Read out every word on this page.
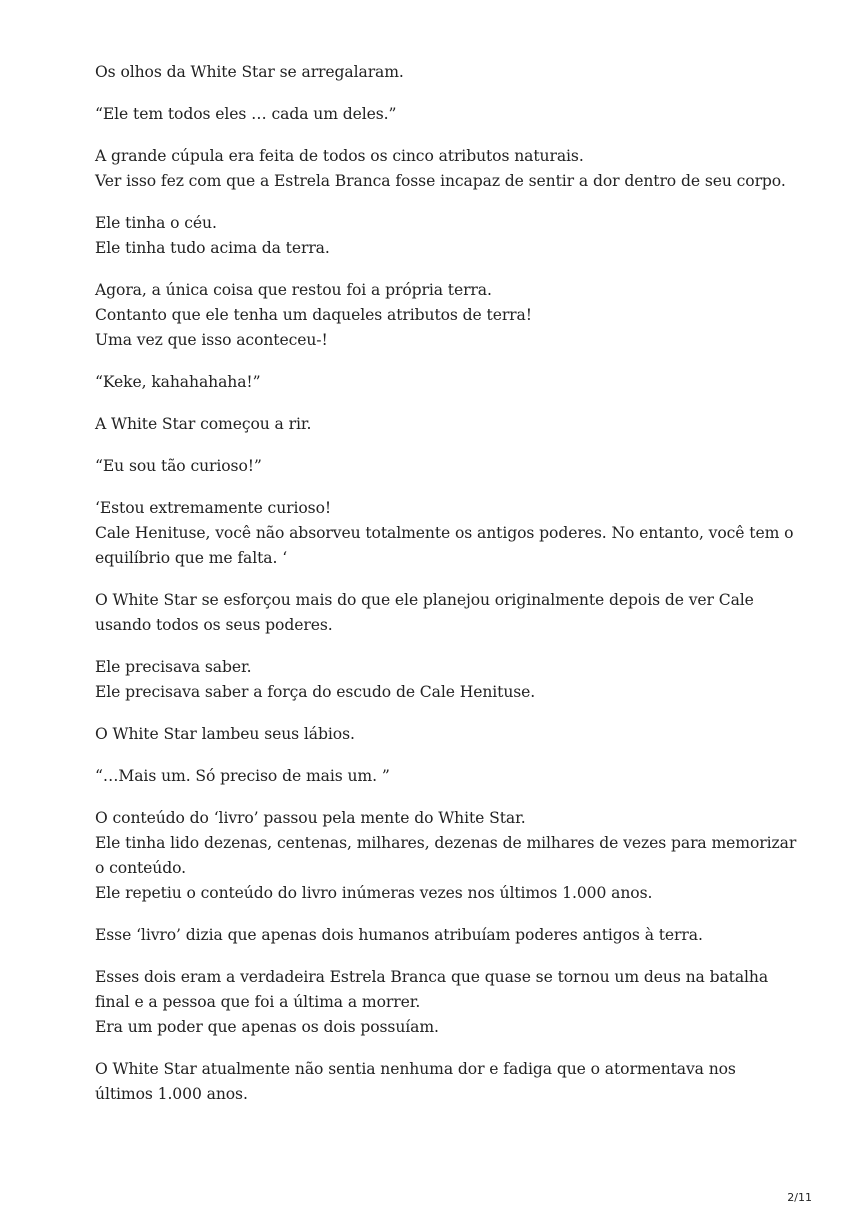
Os olhos da White Star se arregalaram.

“Ele tem todos eles … cada um deles.”

A grande cúpula era feita de todos os cinco atributos naturais.
Ver isso fez com que a Estrela Branca fosse incapaz de sentir a dor dentro de seu corpo.

Ele tinha o céu.
Ele tinha tudo acima da terra.

Agora, a única coisa que restou foi a própria terra.
Contanto que ele tenha um daqueles atributos de terra!
Uma vez que isso aconteceu-!

“Keke, kahahahaha!”

A White Star começou a rir.

“Eu sou tão curioso!”

‘Estou extremamente curioso!
Cale Henituse, você não absorveu totalmente os antigos poderes. No entanto, você tem o
equilíbrio que me falta. ‘

O White Star se esforçou mais do que ele planejou originalmente depois de ver Cale
usando todos os seus poderes.

Ele precisava saber.
Ele precisava saber a força do escudo de Cale Henituse.

O White Star lambeu seus lábios.

“…Mais um. Só preciso de mais um. ”

O conteúdo do ‘livro’ passou pela mente do White Star.
Ele tinha lido dezenas, centenas, milhares, dezenas de milhares de vezes para memorizar
o conteúdo.
Ele repetiu o conteúdo do livro inúmeras vezes nos últimos 1.000 anos.

Esse ‘livro’ dizia que apenas dois humanos atribuíam poderes antigos à terra.

Esses dois eram a verdadeira Estrela Branca que quase se tornou um deus na batalha
final e a pessoa que foi a última a morrer.
Era um poder que apenas os dois possuíam.

O White Star atualmente não sentia nenhuma dor e fadiga que o atormentava nos
últimos 1.000 anos.

2/11
